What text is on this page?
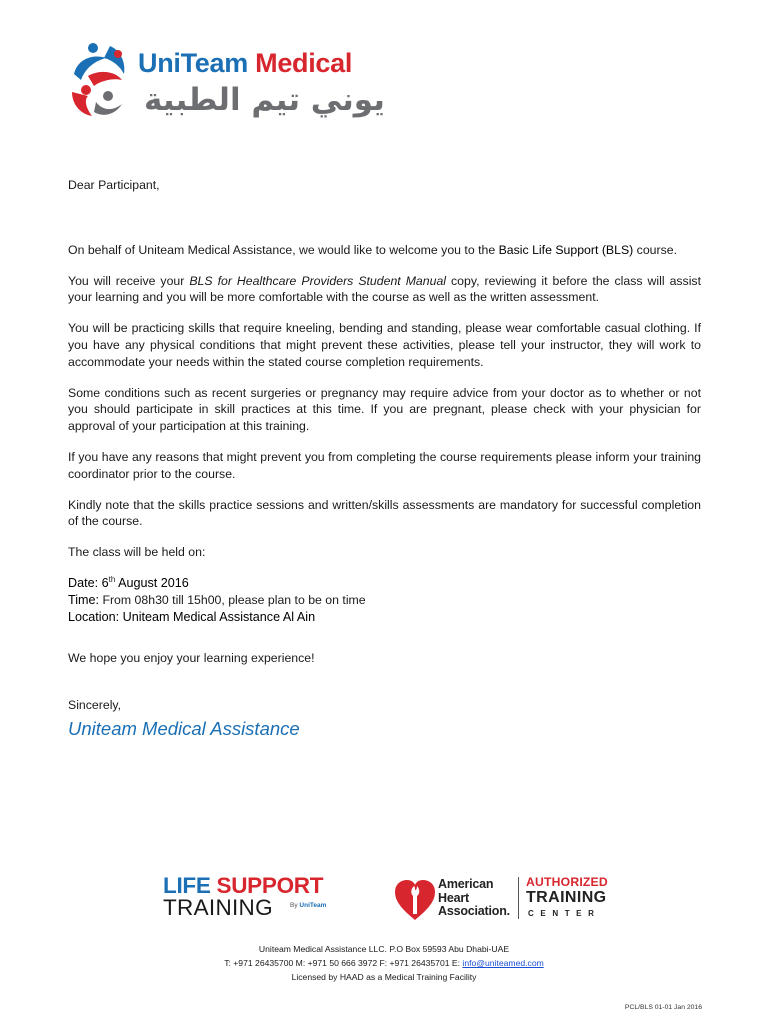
UniTeam Medical
يوني تيم الطبية

Dear Participant,

On behalf of Uniteam Medical Assistance, we would like to welcome you to the Basic Life Support (BLS) course.

You will receive your BLS for Healthcare Providers Student Manual copy, reviewing it before the class will assist your learning and you will be more comfortable with the course as well as the written assessment.

You will be practicing skills that require kneeling, bending and standing, please wear comfortable casual clothing. If you have any physical conditions that might prevent these activities, please tell your instructor, they will work to accommodate your needs within the stated course completion requirements.

Some conditions such as recent surgeries or pregnancy may require advice from your doctor as to whether or not you should participate in skill practices at this time. If you are pregnant, please check with your physician for approval of your participation at this training.

If you have any reasons that might prevent you from completing the course requirements please inform your training coordinator prior to the course.

Kindly note that the skills practice sessions and written/skills assessments are mandatory for successful completion of the course.

The class will be held on:

Date: 6th August 2016
Time: From 08h30 till 15h00, please plan to be on time
Location: Uniteam Medical Assistance Al Ain

We hope you enjoy your learning experience!

Sincerely,
Uniteam Medical Assistance
LIFE SUPPORT
TRAINING	By UniTeam
American
Heart
Association.
AUTHORIZED
TRAINING
CENTER
Uniteam Medical Assistance LLC. P.O Box 59593 Abu Dhabi-UAE
T: +971 26435700 M: +971 50 666 3972 F: +971 26435701 E: info@uniteamed.com
Licensed by HAAD as a Medical Training Facility
PCL/BLS 01-01 Jan 2016
